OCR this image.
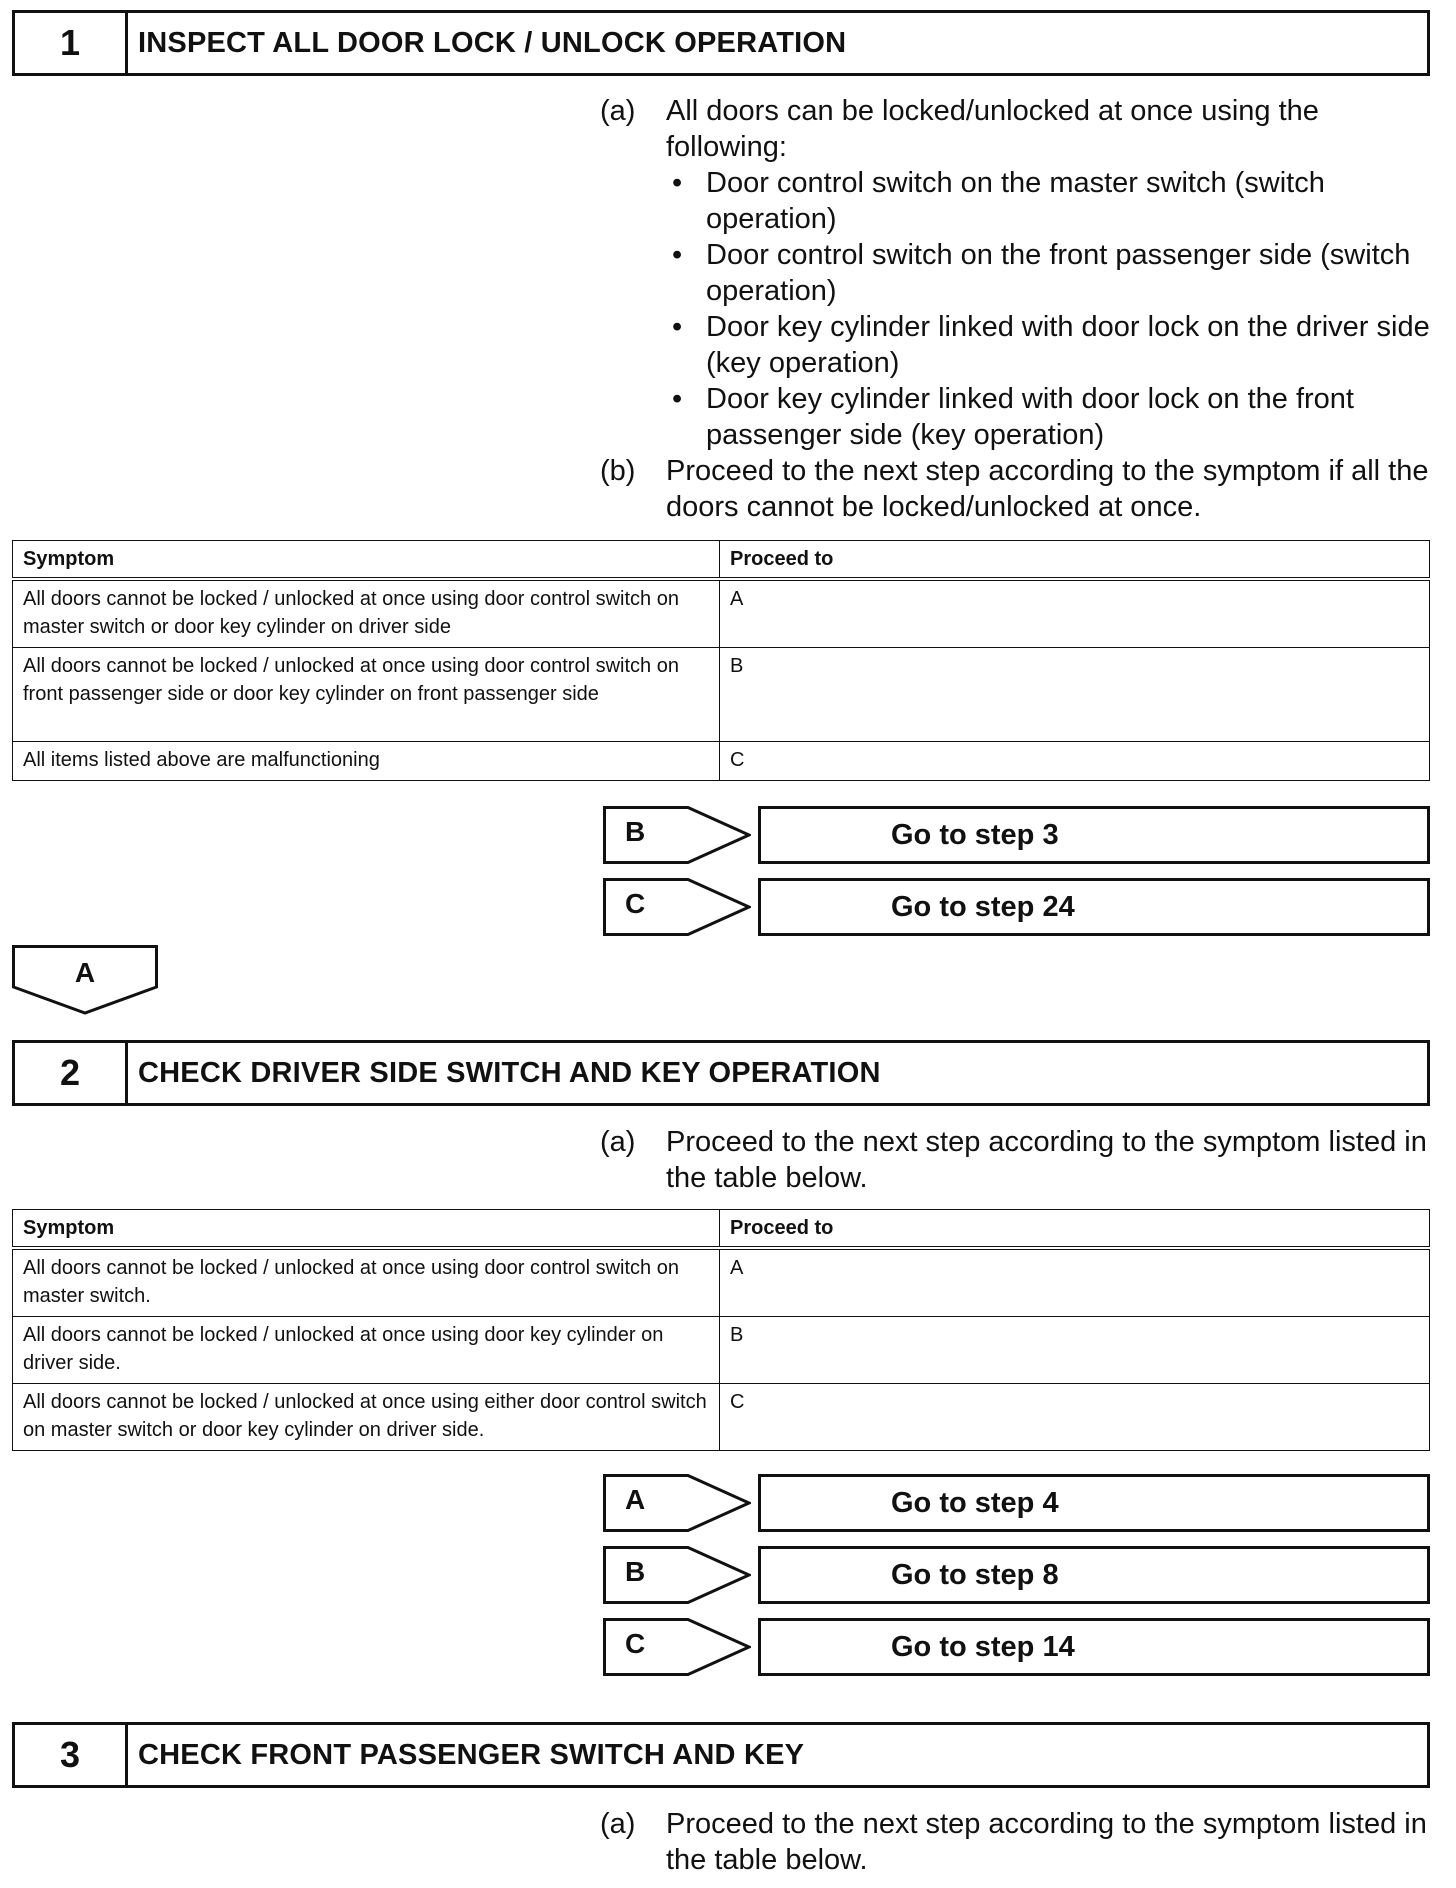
1	INSPECT ALL DOOR LOCK / UNLOCK OPERATION
(a)	All doors can be locked/unlocked at once using the following:
• Door control switch on the master switch (switch operation)
• Door control switch on the front passenger side (switch operation)
• Door key cylinder linked with door lock on the driver side (key operation)
• Door key cylinder linked with door lock on the front passenger side (key operation)
(b)	Proceed to the next step according to the symptom if all the doors cannot be locked/unlocked at once.
Symptom	Proceed to
All doors cannot be locked / unlocked at once using door control switch on master switch or door key cylinder on driver side	A
All doors cannot be locked / unlocked at once using door control switch on front passenger side or door key cylinder on front passenger side	B
All items listed above are malfunctioning	C
B	Go to step 3
C	Go to step 24
A
2	CHECK DRIVER SIDE SWITCH AND KEY OPERATION
(a)	Proceed to the next step according to the symptom listed in the table below.
Symptom	Proceed to
All doors cannot be locked / unlocked at once using door control switch on master switch.	A
All doors cannot be locked / unlocked at once using door key cylinder on driver side.	B
All doors cannot be locked / unlocked at once using either door control switch on master switch or door key cylinder on driver side.	C
A	Go to step 4
B	Go to step 8
C	Go to step 14
3	CHECK FRONT PASSENGER SWITCH AND KEY
(a)	Proceed to the next step according to the symptom listed in the table below.
